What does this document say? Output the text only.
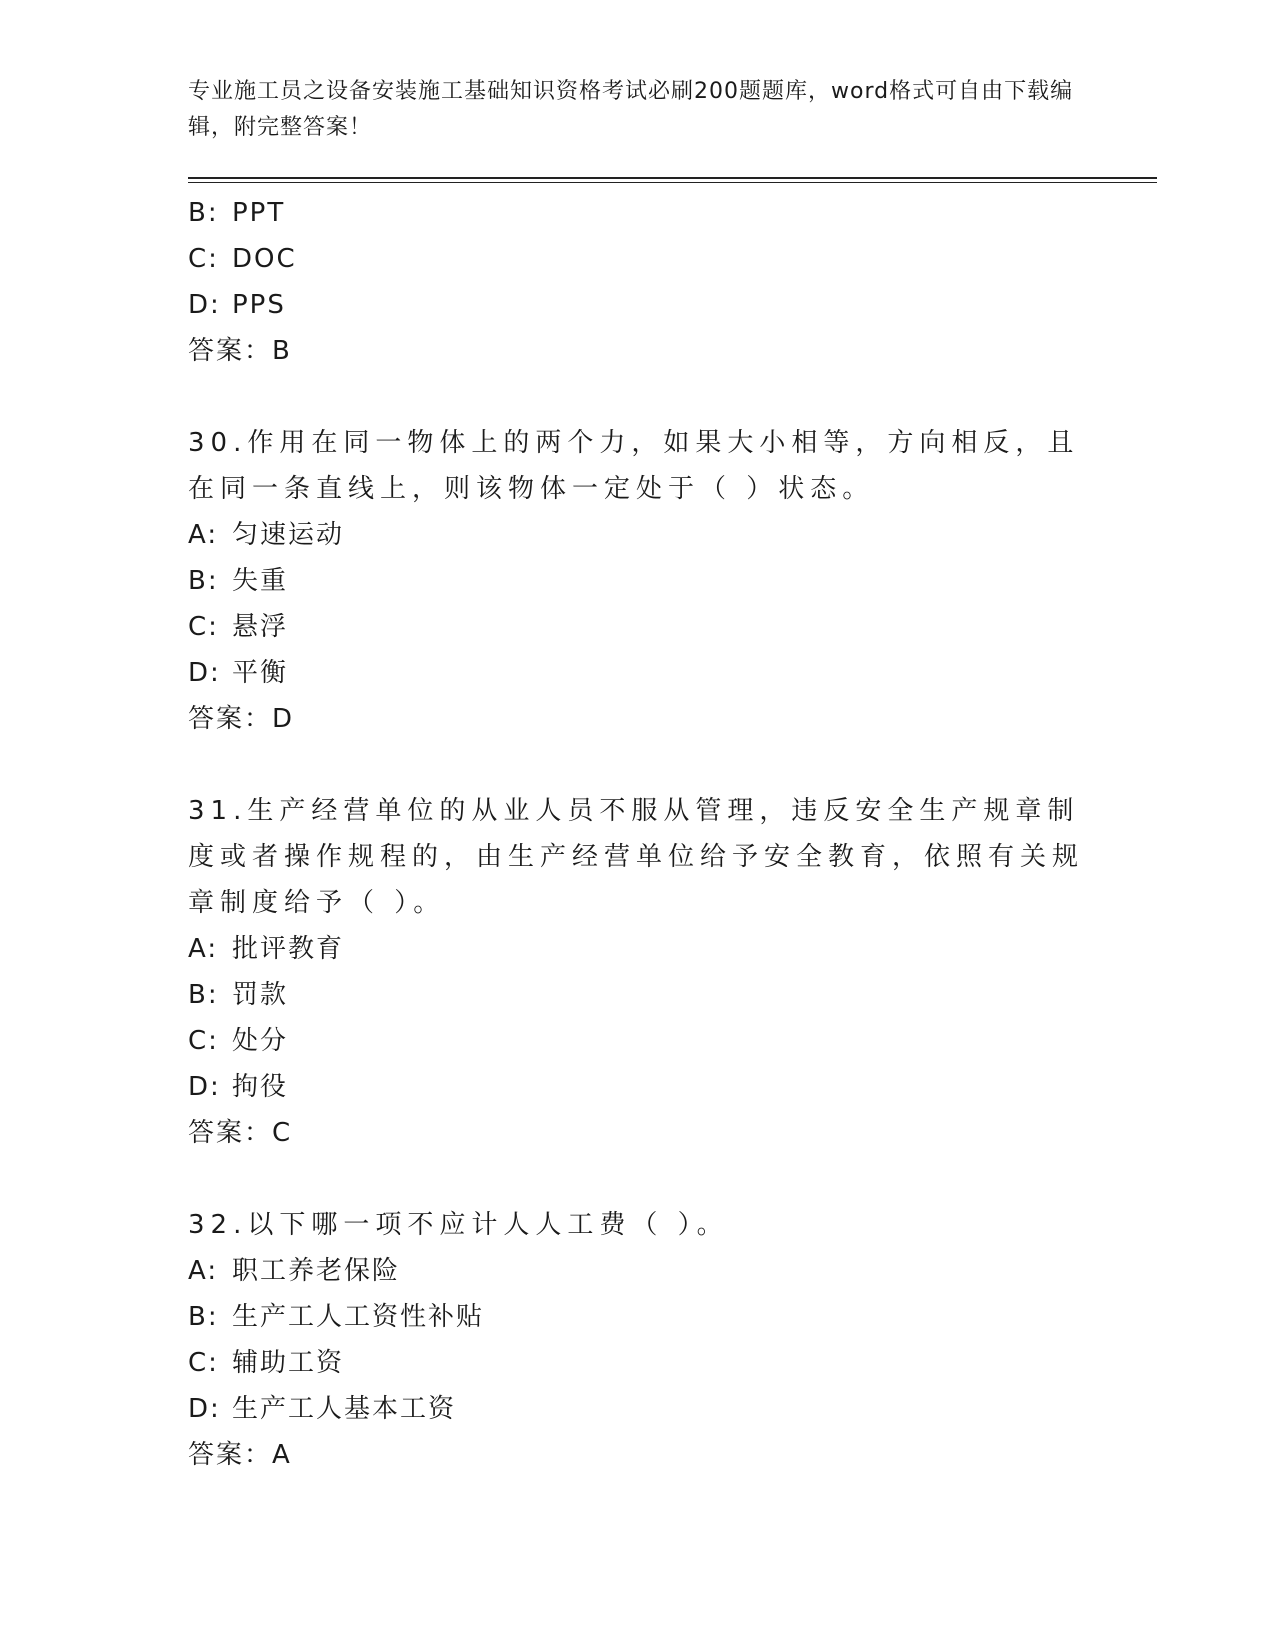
专业施工员之设备安装施工基础知识资格考试必刷200题题库，word格式可自由下载编辑，附完整答案！
B: PPT
C: DOC
D: PPS
答案：B
30.作用在同一物体上的两个力，如果大小相等，方向相反，且在同一条直线上，则该物体一定处于（ ）状态。
A: 匀速运动
B: 失重
C: 悬浮
D: 平衡
答案：D
31.生产经营单位的从业人员不服从管理，违反安全生产规章制度或者操作规程的，由生产经营单位给予安全教育，依照有关规章制度给予（ ）。
A: 批评教育
B: 罚款
C: 处分
D: 拘役
答案：C
32.以下哪一项不应计人人工费（ ）。
A: 职工养老保险
B: 生产工人工资性补贴
C: 辅助工资
D: 生产工人基本工资
答案：A
